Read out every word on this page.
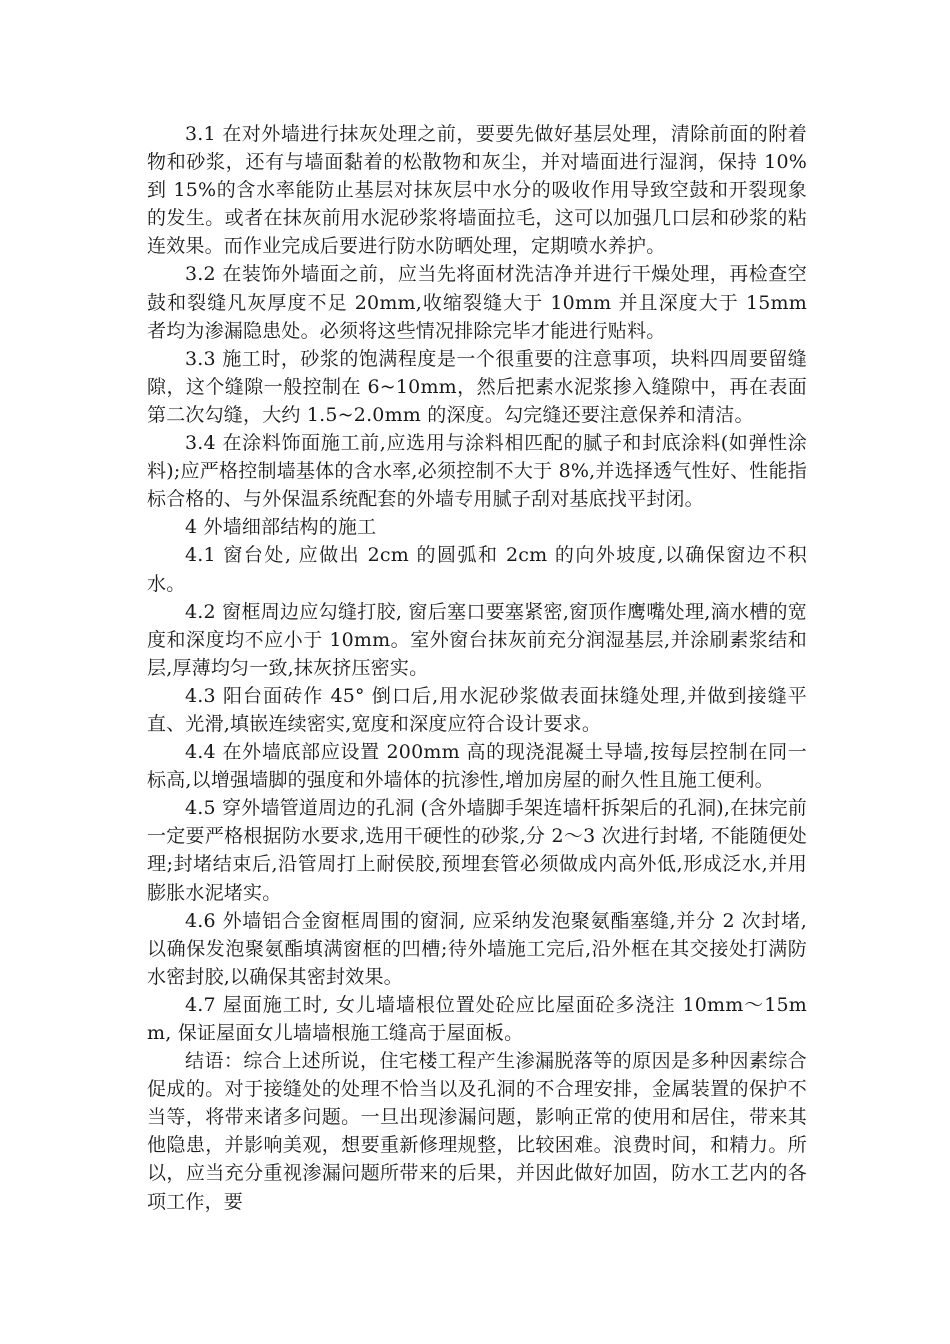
3.1 在对外墙进行抹灰处理之前，要要先做好基层处理，清除前面的附着物和砂浆，还有与墙面黏着的松散物和灰尘，并对墙面进行湿润，保持 10%到 15%的含水率能防止基层对抹灰层中水分的吸收作用导致空鼓和开裂现象的发生。或者在抹灰前用水泥砂浆将墙面拉毛，这可以加强几口层和砂浆的粘连效果。而作业完成后要进行防水防晒处理，定期喷水养护。

3.2 在装饰外墙面之前，应当先将面材洗洁净并进行干燥处理，再检查空鼓和裂缝凡灰厚度不足 20mm,收缩裂缝大于 10mm 并且深度大于 15mm 者均为渗漏隐患处。必须将这些情况排除完毕才能进行贴料。

3.3 施工时，砂浆的饱满程度是一个很重要的注意事项，块料四周要留缝隙，这个缝隙一般控制在 6~10mm，然后把素水泥浆掺入缝隙中，再在表面第二次勾缝，大约 1.5~2.0mm 的深度。勾完缝还要注意保养和清洁。

3.4 在涂料饰面施工前,应选用与涂料相匹配的腻子和封底涂料(如弹性涂料);应严格控制墙基体的含水率,必须控制不大于 8%,并选择透气性好、性能指标合格的、与外保温系统配套的外墙专用腻子刮对基底找平封闭。

4 外墙细部结构的施工

4.1 窗台处, 应做出 2cm 的圆弧和 2cm 的向外坡度,以确保窗边不积水。

4.2 窗框周边应勾缝打胶, 窗后塞口要塞紧密,窗顶作鹰嘴处理,滴水槽的宽度和深度均不应小于 10mm。室外窗台抹灰前充分润湿基层,并涂刷素浆结和层,厚薄均匀一致,抹灰挤压密实。

4.3 阳台面砖作 45° 倒口后,用水泥砂浆做表面抹缝处理,并做到接缝平直、光滑,填嵌连续密实,宽度和深度应符合设计要求。

4.4 在外墙底部应设置 200mm 高的现浇混凝土导墙,按每层控制在同一标高,以增强墙脚的强度和外墙体的抗渗性,增加房屋的耐久性且施工便利。

4.5 穿外墙管道周边的孔洞 (含外墙脚手架连墙杆拆架后的孔洞),在抹完前一定要严格根据防水要求,选用干硬性的砂浆,分 2～3 次进行封堵, 不能随便处理;封堵结束后,沿管周打上耐侯胶,预埋套管必须做成内高外低,形成泛水,并用膨胀水泥堵实。

4.6 外墙铝合金窗框周围的窗洞, 应采纳发泡聚氨酯塞缝,并分 2 次封堵,以确保发泡聚氨酯填满窗框的凹槽;待外墙施工完后,沿外框在其交接处打满防水密封胶,以确保其密封效果。

4.7 屋面施工时, 女儿墙墙根位置处砼应比屋面砼多浇注 10mm～15mm, 保证屋面女儿墙墙根施工缝高于屋面板。

结语：综合上述所说，住宅楼工程产生渗漏脱落等的原因是多种因素综合促成的。对于接缝处的处理不恰当以及孔洞的不合理安排，金属装置的保护不当等，将带来诸多问题。一旦出现渗漏问题，影响正常的使用和居住，带来其他隐患，并影响美观，想要重新修理规整，比较困难。浪费时间，和精力。所以，应当充分重视渗漏问题所带来的后果，并因此做好加固，防水工艺内的各项工作，要
